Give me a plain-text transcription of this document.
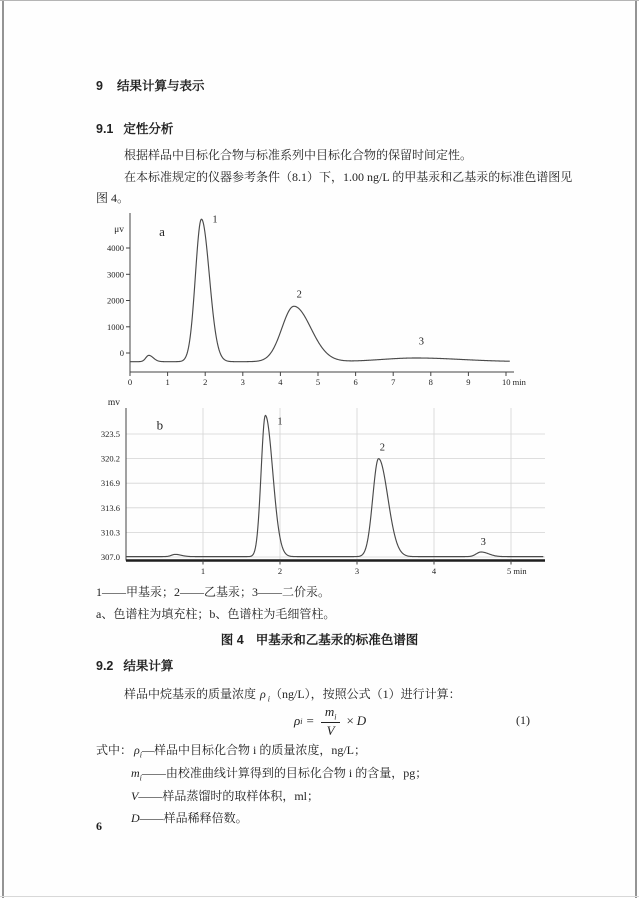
9 结果计算与表示
9.1 定性分析
根据样品中目标化合物与标准系列中目标化合物的保留时间定性。
在本标准规定的仪器参考条件（8.1）下，1.00 ng/L 的甲基汞和乙基汞的标准色谱图见
图 4。
0
1000
2000
3000
4000
0	1	2	3	4	5	6	7	8	9	10 min
μv
1
2
3
a
307.0
310.3
313.6
316.9
320.2
323.5
1	2	3	4	5 min
mv
1
2
3
b
1——甲基汞；2——乙基汞；3——二价汞。
a、色谱柱为填充柱；b、色谱柱为毛细管柱。
图 4 甲基汞和乙基汞的标准色谱图
9.2 结果计算
样品中烷基汞的质量浓度 ρ $_i$（ng/L），按照公式（1）进行计算：
ρ $i = \frac{m_i}{V} \times D$	(1)
式中： $\rho_i—$样品中目标化合物 i 的质量浓度，ng/L；
$m_i——$由校准曲线计算得到的目标化合物 i 的含量，pg；
V——样品蒸馏时的取样体积，ml；
D——样品稀释倍数。
6
